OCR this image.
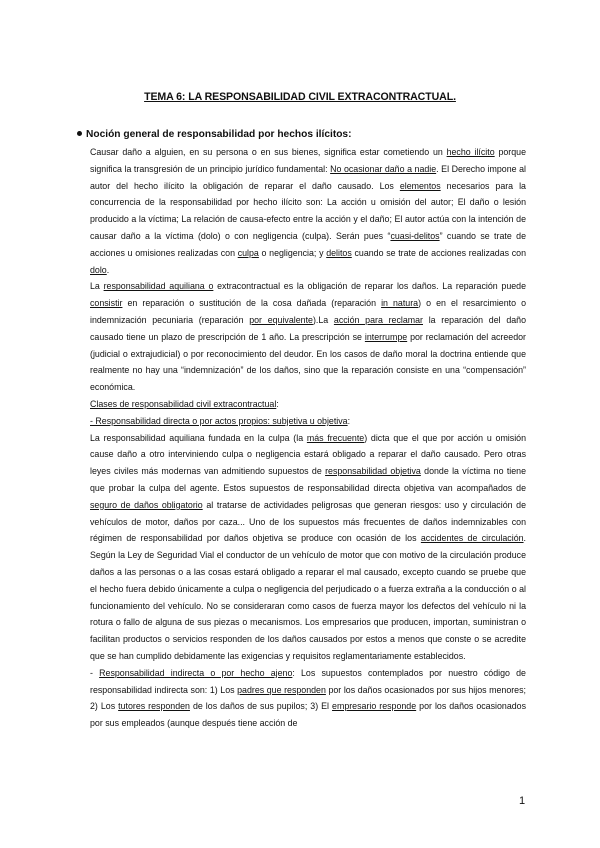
TEMA 6: LA RESPONSABILIDAD CIVIL EXTRACONTRACTUAL.
Noción general de responsabilidad por hechos ilícitos:

Causar daño a alguien, en su persona o en sus bienes, significa estar cometiendo un hecho ilícito porque significa la transgresión de un principio jurídico fundamental: No ocasionar daño a nadie. El Derecho impone al autor del hecho ilícito la obligación de reparar el daño causado. Los elementos necesarios para la concurrencia de la responsabilidad por hecho ilícito son: La acción u omisión del autor; El daño o lesión producido a la víctima; La relación de causa-efecto entre la acción y el daño; El autor actúa con la intención de causar daño a la víctima (dolo) o con negligencia (culpa). Serán pues “cuasi-delitos” cuando se trate de acciones u omisiones realizadas con culpa o negligencia; y delitos cuando se trate de acciones realizadas con dolo.

La responsabilidad aquiliana o extracontractual es la obligación de reparar los daños. La reparación puede consistir en reparación o sustitución de la cosa dañada (reparación in natura) o en el resarcimiento o indemnización pecuniaria (reparación por equivalente).La acción para reclamar la reparación del daño causado tiene un plazo de prescripción de 1 año. La prescripción se interrumpe por reclamación del acreedor (judicial o extrajudicial) o por reconocimiento del deudor. En los casos de daño moral la doctrina entiende que realmente no hay una “indemnización” de los daños, sino que la reparación consiste en una “compensación” económica.

Clases de responsabilidad civil extracontractual:

- Responsabilidad directa o por actos propios: subjetiva u objetiva:

La responsabilidad aquiliana fundada en la culpa (la más frecuente) dicta que el que por acción u omisión cause daño a otro interviniendo culpa o negligencia estará obligado a reparar el daño causado. Pero otras leyes civiles más modernas van admitiendo supuestos de responsabilidad objetiva donde la víctima no tiene que probar la culpa del agente. Estos supuestos de responsabilidad directa objetiva van acompañados de seguro de daños obligatorio al tratarse de actividades peligrosas que generan riesgos: uso y circulación de vehículos de motor, daños por caza... Uno de los supuestos más frecuentes de daños indemnizables con régimen de responsabilidad por daños objetiva se produce con ocasión de los accidentes de circulación. Según la Ley de Seguridad Vial el conductor de un vehículo de motor que con motivo de la circulación produce daños a las personas o a las cosas estará obligado a reparar el mal causado, excepto cuando se pruebe que el hecho fuera debido únicamente a culpa o negligencia del perjudicado o a fuerza extraña a la conducción o al funcionamiento del vehículo. No se consideraran como casos de fuerza mayor los defectos del vehículo ni la rotura o fallo de alguna de sus piezas o mecanismos. Los empresarios que producen, importan, suministran o facilitan productos o servicios responden de los daños causados por estos a menos que conste o se acredite que se han cumplido debidamente las exigencias y requisitos reglamentariamente establecidos.

- Responsabilidad indirecta o por hecho ajeno: Los supuestos contemplados por nuestro código de responsabilidad indirecta son: 1) Los padres que responden por los daños ocasionados por sus hijos menores; 2) Los tutores responden de los daños de sus pupilos; 3) El empresario responde por los daños ocasionados por sus empleados (aunque después tiene acción de

1
